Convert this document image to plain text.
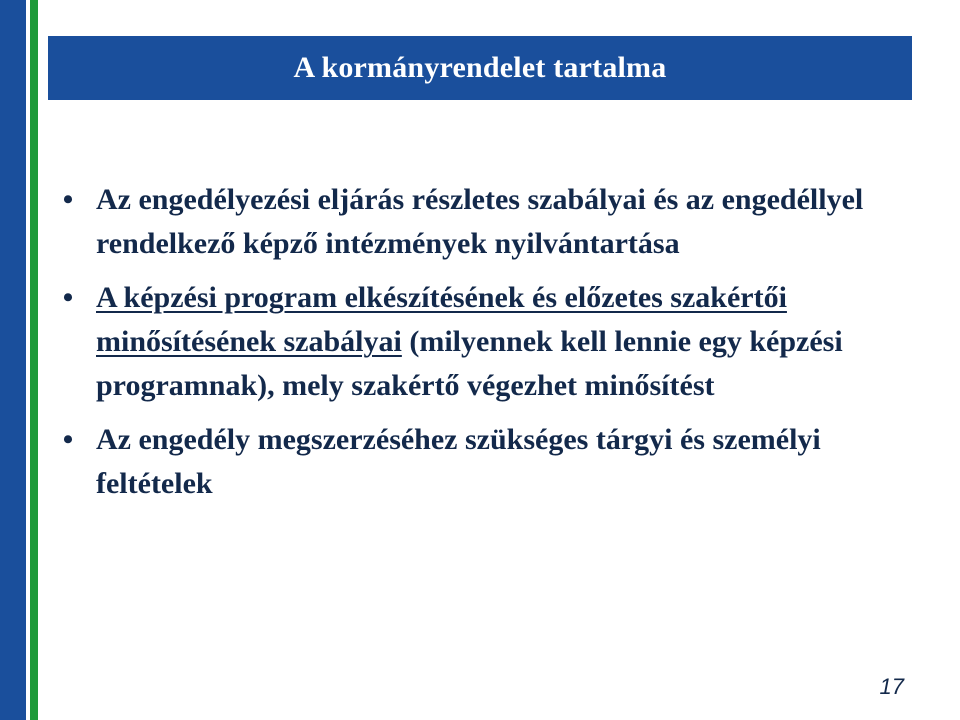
A kormányrendelet tartalma
• Az engedélyezési eljárás részletes szabályai és az engedéllyel rendelkező képző intézmények nyilvántartása
• A képzési program elkészítésének és előzetes szakértői minősítésének szabályai (milyennek kell lennie egy képzési programnak), mely szakértő végezhet minősítést
• Az engedély megszerzéséhez szükséges tárgyi és személyi feltételek
17
